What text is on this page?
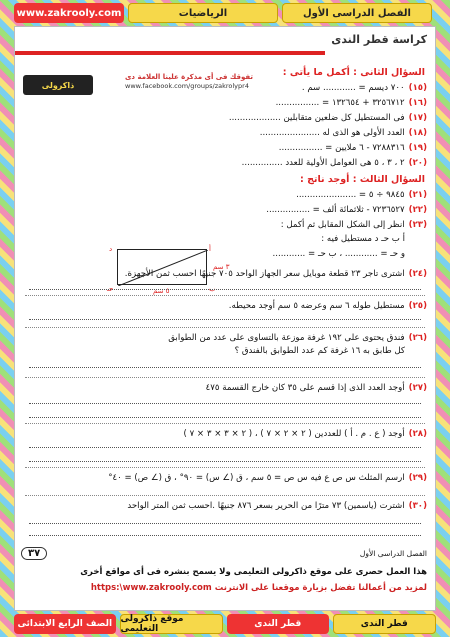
www.zakrooly.com	الرياضيات	الفصل الدراسى الأول
كراسة قطر الندى
تفوقك فى أى مذكرة علينا العلامة دى
www.facebook.com/groups/zakrolypr4
ذاكرولى
السؤال الثانى : أكمل ما يأتى :
(١٥)
٧٠٠ ديسم = ............ سم .
(١٦)
٣٢٥٦٧١٢ + ١٣٢٦٥٤ = ................
(١٧)
فى المستطيل كل ضلعين متقابلين ...................
(١٨)
العدد الأولى هو الذى له ......................
(١٩)
٧٢٨٨٣١٦ - ٦ ملايين = ................
(٢٠)
٢ ، ٣ ، ٥ هى العوامل الأولية للعدد ...............
السؤال الثالث : أوجد ناتج :
(٢١)
٩٨٤٥ ÷ ٥ = ......................
(٢٢)
٧٢٣٦٥٢٧ - ثلاثمائة ألف = ................
(٢٣)
انظر إلى الشكل المقابل ثم أكمل :
أ ب حـ د مستطيل فيه :
و حـ = ............ ، ب حـ = ............
أ
د
ب
حـ
٣ سم
٥ سم
(٢٤)
اشترى تاجر ٢٣ قطعة موبايل سعر الجهاز الواحد ٧٠٥ جنيهًا احسب ثمن الأجهزة.
(٢٥)
مستطيل طوله ٦ سم وعرضه ٥ سم أوجد محيطه.
(٢٦)
فندق يحتوى على ١٩٢ غرفة موزعة بالتساوى على عدد من الطوابق
كل طابق به ١٦ غرفة كم عدد الطوابق بالفندق ؟
(٢٧)
أوجد العدد الذى إذا قسم على ٣٥ كان خارج القسمة ٤٧٥
(٢٨)
أوجد ( ع . م . أ ) للعددين ( ٢ × ٢ × ٧ ) ، ( ٢ × ٣ × ٣ × ٧ )
(٢٩)
ارسم المثلث س ص ع فيه س ص = ٥ سم ، ق (∠ س) = ٩٠° ، ق (∠ ص) = ٤٠°
(٣٠)
اشترت (ياسمين) ٧٣ مترًا من الحرير بسعر ٨٧٦ جنيهًا .احسب ثمن المتر الواحد
الفصل الدراسى الأول
٣٧
هذا العمل حصرى على موقع ذاكرولى التعليمى ولا يسمح بنشره فى أى مواقع أخرى
لمزيد من أعمالنا تفضل بزيارة موقعنا على الانترنت https:\www.zakrooly.com
الصف الرابع الابتدائى موقع ذاكرولى التعليمى	قطر الندى	قطر الندى
